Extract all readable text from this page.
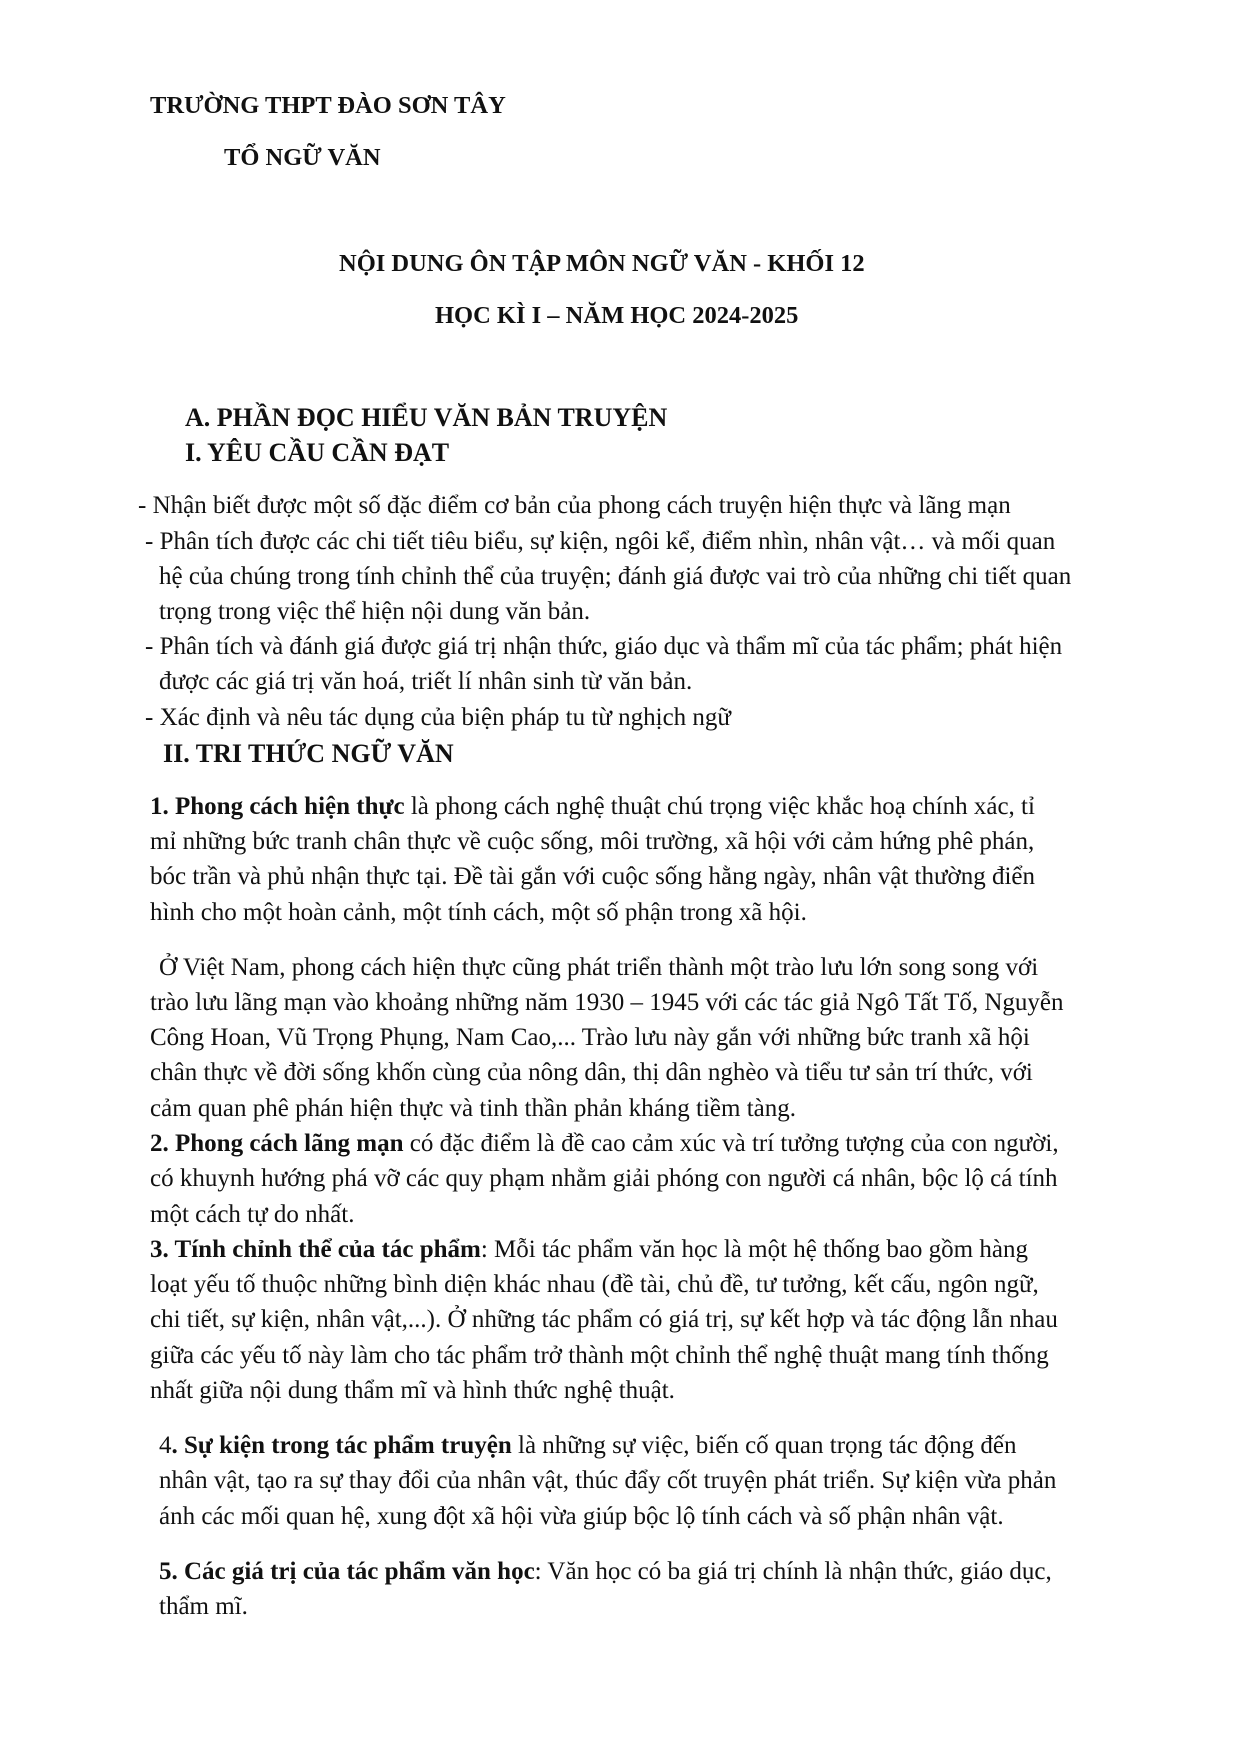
TRƯỜNG THPT ĐÀO SƠN TÂY
TỔ NGỮ VĂN
NỘI DUNG ÔN TẬP MÔN NGỮ VĂN - KHỐI 12
HỌC KÌ I – NĂM HỌC 2024-2025
A. PHẦN ĐỌC HIỂU VĂN BẢN TRUYỆN
I. YÊU CẦU CẦN ĐẠT
- Nhận biết được một số đặc điểm cơ bản của phong cách truyện hiện thực và lãng mạn
- Phân tích được các chi tiết tiêu biểu, sự kiện, ngôi kể, điểm nhìn, nhân vật… và mối quan
hệ của chúng trong tính chỉnh thể của truyện; đánh giá được vai trò của những chi tiết quan
trọng trong việc thể hiện nội dung văn bản.
- Phân tích và đánh giá được giá trị nhận thức, giáo dục và thẩm mĩ của tác phẩm; phát hiện
được các giá trị văn hoá, triết lí nhân sinh từ văn bản.
- Xác định và nêu tác dụng của biện pháp tu từ nghịch ngữ
II. TRI THỨC NGỮ VĂN
1. Phong cách hiện thực là phong cách nghệ thuật chú trọng việc khắc hoạ chính xác, tỉ
mỉ những bức tranh chân thực về cuộc sống, môi trường, xã hội với cảm hứng phê phán,
bóc trần và phủ nhận thực tại. Đề tài gắn với cuộc sống hằng ngày, nhân vật thường điển
hình cho một hoàn cảnh, một tính cách, một số phận trong xã hội.
Ở Việt Nam, phong cách hiện thực cũng phát triển thành một trào lưu lớn song song với
trào lưu lãng mạn vào khoảng những năm 1930 – 1945 với các tác giả Ngô Tất Tố, Nguyễn
Công Hoan, Vũ Trọng Phụng, Nam Cao,... Trào lưu này gắn với những bức tranh xã hội
chân thực về đời sống khốn cùng của nông dân, thị dân nghèo và tiểu tư sản trí thức, với
cảm quan phê phán hiện thực và tinh thần phản kháng tiềm tàng.
2. Phong cách lãng mạn có đặc điểm là đề cao cảm xúc và trí tưởng tượng của con người,
có khuynh hướng phá vỡ các quy phạm nhằm giải phóng con người cá nhân, bộc lộ cá tính
một cách tự do nhất.
3. Tính chỉnh thể của tác phẩm: Mỗi tác phẩm văn học là một hệ thống bao gồm hàng
loạt yếu tố thuộc những bình diện khác nhau (đề tài, chủ đề, tư tưởng, kết cấu, ngôn ngữ,
chi tiết, sự kiện, nhân vật,...). Ở những tác phẩm có giá trị, sự kết hợp và tác động lẫn nhau
giữa các yếu tố này làm cho tác phẩm trở thành một chỉnh thể nghệ thuật mang tính thống
nhất giữa nội dung thẩm mĩ và hình thức nghệ thuật.
4. Sự kiện trong tác phẩm truyện là những sự việc, biến cố quan trọng tác động đến
nhân vật, tạo ra sự thay đổi của nhân vật, thúc đẩy cốt truyện phát triển. Sự kiện vừa phản
ánh các mối quan hệ, xung đột xã hội vừa giúp bộc lộ tính cách và số phận nhân vật.
5. Các giá trị của tác phẩm văn học: Văn học có ba giá trị chính là nhận thức, giáo dục,
thẩm mĩ.
